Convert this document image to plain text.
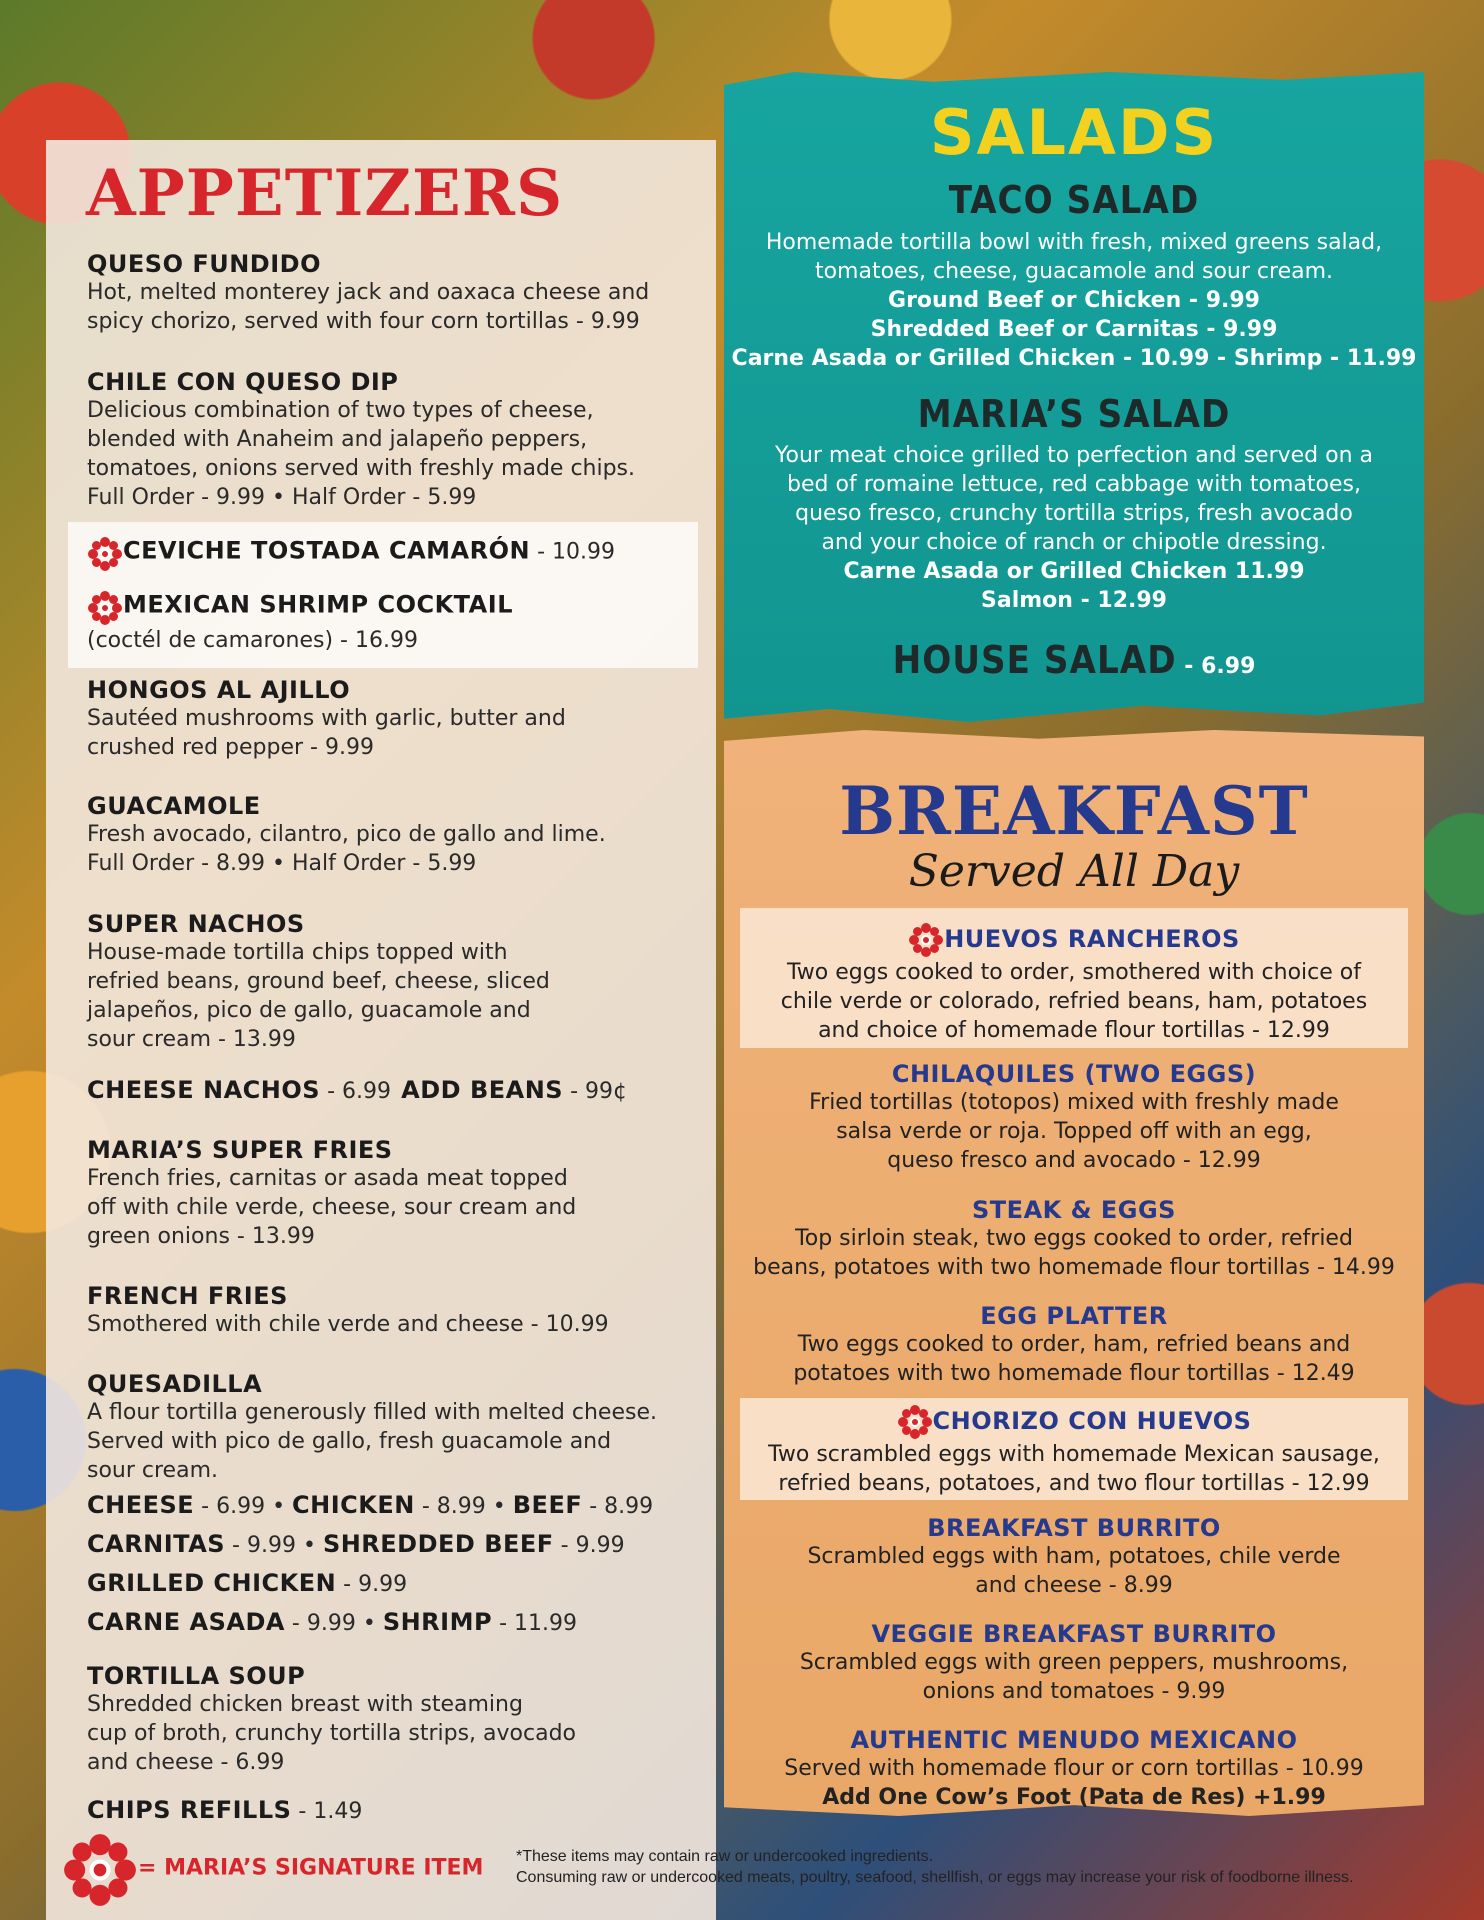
APPETIZERS
QUESO FUNDIDO
Hot, melted monterey jack and oaxaca cheese and
spicy chorizo, served with four corn tortillas - 9.99
CHILE CON QUESO DIP
Delicious combination of two types of cheese,
blended with Anaheim and jalapeño peppers,
tomatoes, onions served with freshly made chips.
Full Order - 9.99 • Half Order - 5.99
CEVICHE TOSTADA CAMARÓN - 10.99
MEXICAN SHRIMP COCKTAIL
(coctél de camarones) - 16.99
HONGOS AL AJILLO
Sautéed mushrooms with garlic, butter and
crushed red pepper - 9.99
GUACAMOLE
Fresh avocado, cilantro, pico de gallo and lime.
Full Order - 8.99 • Half Order - 5.99
SUPER NACHOS
House-made tortilla chips topped with
refried beans, ground beef, cheese, sliced
jalapeños, pico de gallo, guacamole and
sour cream - 13.99
CHEESE NACHOS - 6.99 ADD BEANS - 99¢
MARIA’S SUPER FRIES
French fries, carnitas or asada meat topped
off with chile verde, cheese, sour cream and
green onions - 13.99
FRENCH FRIES
Smothered with chile verde and cheese - 10.99
QUESADILLA
A flour tortilla generously filled with melted cheese.
Served with pico de gallo, fresh guacamole and
sour cream.
CHEESE - 6.99 • CHICKEN - 8.99 • BEEF - 8.99
CARNITAS - 9.99 • SHREDDED BEEF - 9.99
GRILLED CHICKEN - 9.99
CARNE ASADA - 9.99 • SHRIMP - 11.99
TORTILLA SOUP
Shredded chicken breast with steaming
cup of broth, crunchy tortilla strips, avocado
and cheese - 6.99
CHIPS REFILLS - 1.49
= MARIA’S SIGNATURE ITEM *These items may contain raw or undercooked ingredients.
Consuming raw or undercooked meats, poultry, seafood, shellfish, or eggs may increase your risk of foodborne illness.
SALADS
TACO SALAD
Homemade tortilla bowl with fresh, mixed greens salad,
tomatoes, cheese, guacamole and sour cream.
Ground Beef or Chicken - 9.99
Shredded Beef or Carnitas - 9.99
Carne Asada or Grilled Chicken - 10.99 - Shrimp - 11.99
MARIA’S SALAD
Your meat choice grilled to perfection and served on a
bed of romaine lettuce, red cabbage with tomatoes,
queso fresco, crunchy tortilla strips, fresh avocado
and your choice of ranch or chipotle dressing.
Carne Asada or Grilled Chicken 11.99
Salmon - 12.99
HOUSE SALAD - 6.99
BREAKFAST
Served All Day
HUEVOS RANCHEROS
Two eggs cooked to order, smothered with choice of
chile verde or colorado, refried beans, ham, potatoes
and choice of homemade flour tortillas - 12.99
CHILAQUILES (TWO EGGS)
Fried tortillas (totopos) mixed with freshly made
salsa verde or roja. Topped off with an egg,
queso fresco and avocado - 12.99
STEAK & EGGS
Top sirloin steak, two eggs cooked to order, refried
beans, potatoes with two homemade flour tortillas - 14.99
EGG PLATTER
Two eggs cooked to order, ham, refried beans and
potatoes with two homemade flour tortillas - 12.49
CHORIZO CON HUEVOS
Two scrambled eggs with homemade Mexican sausage,
refried beans, potatoes, and two flour tortillas - 12.99
BREAKFAST BURRITO
Scrambled eggs with ham, potatoes, chile verde
and cheese - 8.99
VEGGIE BREAKFAST BURRITO
Scrambled eggs with green peppers, mushrooms,
onions and tomatoes - 9.99
AUTHENTIC MENUDO MEXICANO
Served with homemade flour or corn tortillas - 10.99
Add One Cow’s Foot (Pata de Res) +1.99
